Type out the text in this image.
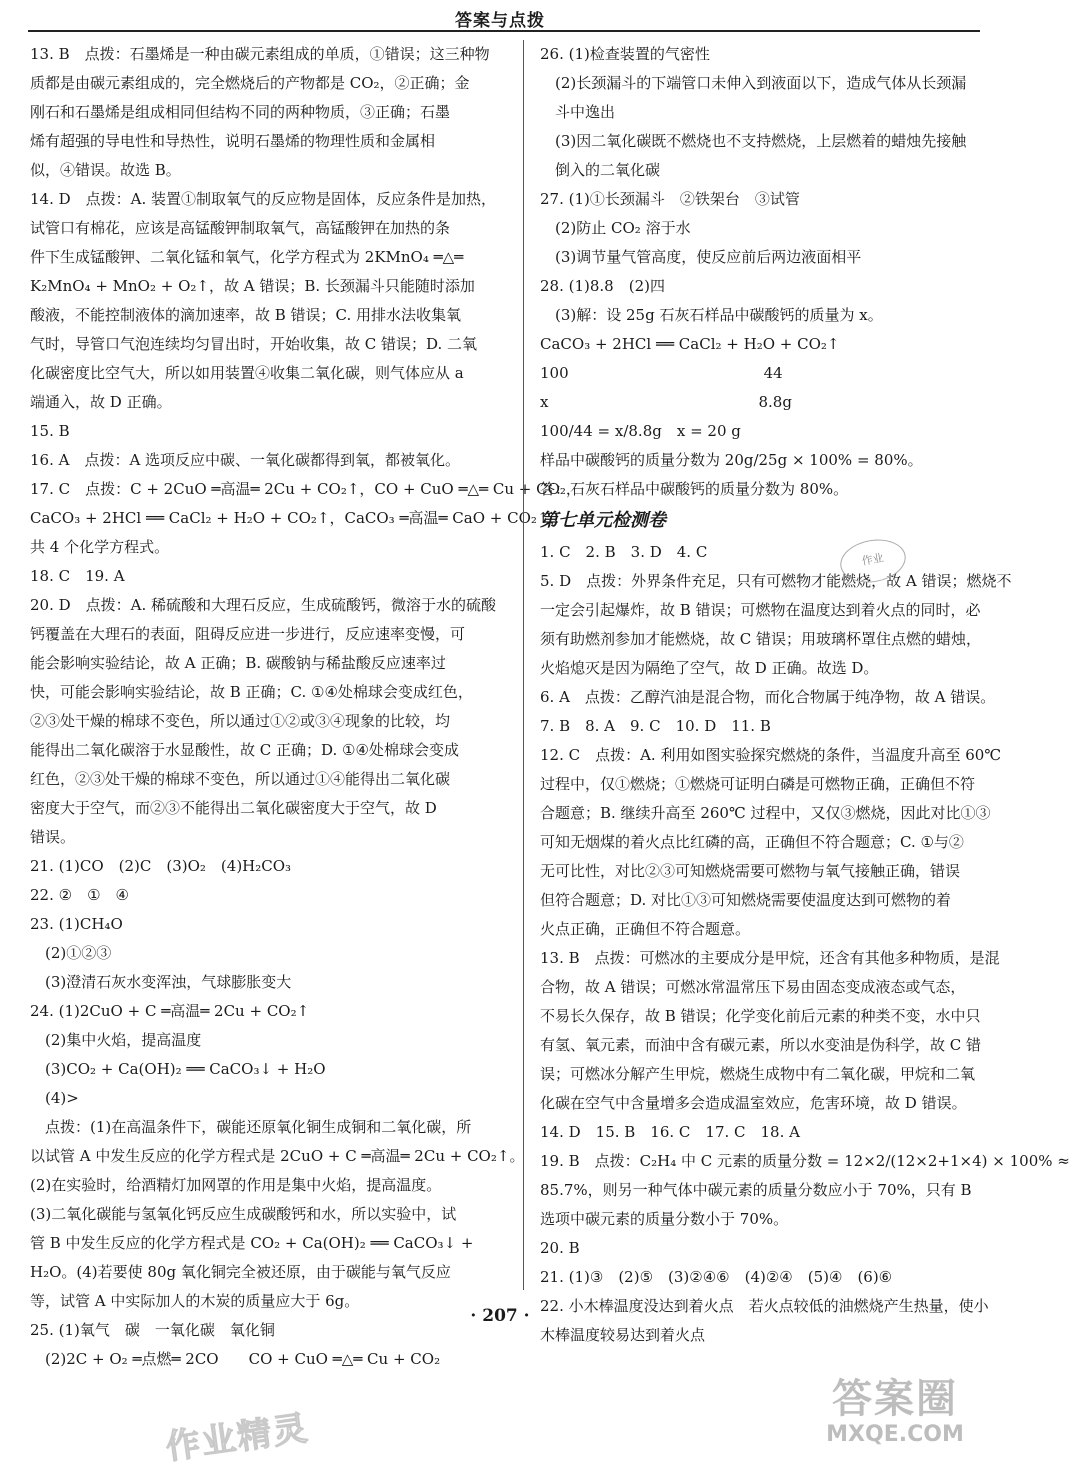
答案与点拨
13. B　点拨：石墨烯是一种由碳元素组成的单质，①错误；这三种物
质都是由碳元素组成的，完全燃烧后的产物都是 CO₂，②正确；金
刚石和石墨烯是组成相同但结构不同的两种物质，③正确；石墨
烯有超强的导电性和导热性，说明石墨烯的物理性质和金属相
似，④错误。故选 B。
14. D　点拨：A. 装置①制取氧气的反应物是固体，反应条件是加热，
试管口有棉花，应该是高锰酸钾制取氧气，高锰酸钾在加热的条
件下生成锰酸钾、二氧化锰和氧气，化学方程式为 2KMnO₄ ═△═
K₂MnO₄ + MnO₂ + O₂↑，故 A 错误；B. 长颈漏斗只能随时添加
酸液，不能控制液体的滴加速率，故 B 错误；C. 用排水法收集氧
气时，导管口气泡连续均匀冒出时，开始收集，故 C 错误；D. 二氧
化碳密度比空气大，所以如用装置④收集二氧化碳，则气体应从 a
端通入，故 D 正确。
15. B
16. A　点拨：A 选项反应中碳、一氧化碳都得到氧，都被氧化。
17. C　点拨：C + 2CuO ═高温═ 2Cu + CO₂↑，CO + CuO ═△═ Cu + CO₂，
CaCO₃ + 2HCl ══ CaCl₂ + H₂O + CO₂↑，CaCO₃ ═高温═ CaO + CO₂↑，
共 4 个化学方程式。
18. C　19. A
20. D　点拨：A. 稀硫酸和大理石反应，生成硫酸钙，微溶于水的硫酸
钙覆盖在大理石的表面，阻碍反应进一步进行，反应速率变慢，可
能会影响实验结论，故 A 正确；B. 碳酸钠与稀盐酸反应速率过
快，可能会影响实验结论，故 B 正确；C. ①④处棉球会变成红色，
②③处干燥的棉球不变色，所以通过①②或③④现象的比较，均
能得出二氧化碳溶于水显酸性，故 C 正确；D. ①④处棉球会变成
红色，②③处干燥的棉球不变色，所以通过①④能得出二氧化碳
密度大于空气，而②③不能得出二氧化碳密度大于空气，故 D
错误。
21. (1)CO　(2)C　(3)O₂　(4)H₂CO₃
22. ②　①　④
23. (1)CH₄O
　(2)①②③
　(3)澄清石灰水变浑浊，气球膨胀变大
24. (1)2CuO + C ═高温═ 2Cu + CO₂↑
　(2)集中火焰，提高温度
　(3)CO₂ + Ca(OH)₂ ══ CaCO₃↓ + H₂O
　(4)>
　点拨：(1)在高温条件下，碳能还原氧化铜生成铜和二氧化碳，所
以试管 A 中发生反应的化学方程式是 2CuO + C ═高温═ 2Cu + CO₂↑。
(2)在实验时，给酒精灯加网罩的作用是集中火焰，提高温度。
(3)二氧化碳能与氢氧化钙反应生成碳酸钙和水，所以实验中，试
管 B 中发生反应的化学方程式是 CO₂ + Ca(OH)₂ ══ CaCO₃↓ +
H₂O。(4)若要使 80g 氧化铜完全被还原，由于碳能与氧气反应
等，试管 A 中实际加人的木炭的质量应大于 6g。
25. (1)氧气　碳　一氧化碳　氧化铜
　(2)2C + O₂ ═点燃═ 2CO　　CO + CuO ═△═ Cu + CO₂
26. (1)检查装置的气密性
　(2)长颈漏斗的下端管口未伸入到液面以下，造成气体从长颈漏
　斗中逸出
　(3)因二氧化碳既不燃烧也不支持燃烧，上层燃着的蜡烛先接触
　倒入的二氧化碳
27. (1)①长颈漏斗　②铁架台　③试管
　(2)防止 CO₂ 溶于水
　(3)调节量气管高度，使反应前后两边液面相平
28. (1)8.8　(2)四
　(3)解：设 25g 石灰石样品中碳酸钙的质量为 x。
CaCO₃ + 2HCl ══ CaCl₂ + H₂O + CO₂↑
100　　　　　　　　　　　　　44
x　　　　　　　　　　　　　　8.8g
100/44 = x/8.8g　x = 20 g
样品中碳酸钙的质量分数为 20g/25g × 100% = 80%。
答：石灰石样品中碳酸钙的质量分数为 80%。
第七单元检测卷
1. C　2. B　3. D　4. C
5. D　点拨：外界条件充足，只有可燃物才能燃烧，故 A 错误；燃烧不
一定会引起爆炸，故 B 错误；可燃物在温度达到着火点的同时，必
须有助燃剂参加才能燃烧，故 C 错误；用玻璃杯罩住点燃的蜡烛，
火焰熄灭是因为隔绝了空气，故 D 正确。故选 D。
6. A　点拨：乙醇汽油是混合物，而化合物属于纯净物，故 A 错误。
7. B　8. A　9. C　10. D　11. B
12. C　点拨：A. 利用如图实验探究燃烧的条件，当温度升高至 60℃
过程中，仅①燃烧；①燃烧可证明白磷是可燃物正确，正确但不符
合题意；B. 继续升高至 260℃ 过程中，又仅③燃烧，因此对比①③
可知无烟煤的着火点比红磷的高，正确但不符合题意；C. ①与②
无可比性，对比②③可知燃烧需要可燃物与氧气接触正确，错误
但符合题意；D. 对比①③可知燃烧需要使温度达到可燃物的着
火点正确，正确但不符合题意。
13. B　点拨：可燃冰的主要成分是甲烷，还含有其他多种物质，是混
合物，故 A 错误；可燃冰常温常压下易由固态变成液态或气态，
不易长久保存，故 B 错误；化学变化前后元素的种类不变，水中只
有氢、氧元素，而油中含有碳元素，所以水变油是伪科学，故 C 错
误；可燃冰分解产生甲烷，燃烧生成物中有二氧化碳，甲烷和二氧
化碳在空气中含量增多会造成温室效应，危害环境，故 D 错误。
14. D　15. B　16. C　17. C　18. A
19. B　点拨：C₂H₄ 中 C 元素的质量分数 = 12×2/(12×2+1×4) × 100% ≈
85.7%，则另一种气体中碳元素的质量分数应小于 70%，只有 B
选项中碳元素的质量分数小于 70%。
20. B
21. (1)③　(2)⑤　(3)②④⑥　(4)②④　(5)④　(6)⑥
22. 小木棒温度没达到着火点　若火点较低的油燃烧产生热量，使小
木棒温度较易达到着火点
· 207 ·
作业
作业精灵
答案圈
MXQE.COM
